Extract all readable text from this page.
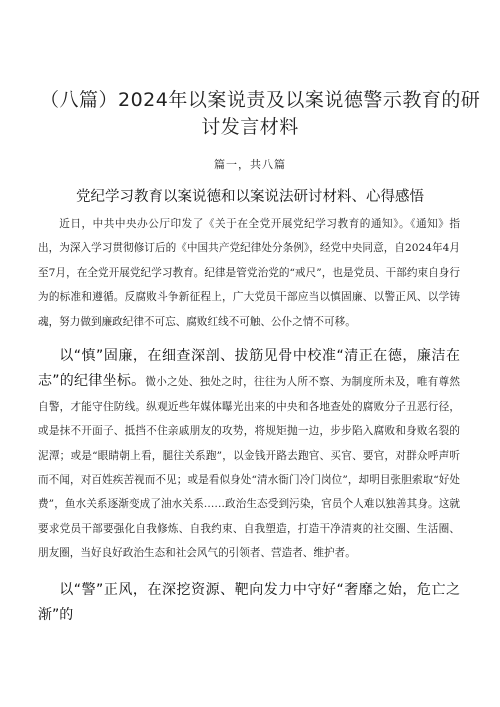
（八篇）2024年以案说责及以案说德警示教育的研
讨发言材料
篇一，共八篇
党纪学习教育以案说德和以案说法研讨材料、心得感悟

近日，中共中央办公厅印发了《关于在全党开展党纪学习教育的通知》。《通知》指出，为深入学习贯彻修订后的《中国共产党纪律处分条例》，经党中央同意，自2024年4月至7月，在全党开展党纪学习教育。纪律是管党治党的“戒尺”，也是党员、干部约束自身行为的标准和遵循。反腐败斗争新征程上，广大党员干部应当以慎固廉、以警正风、以学铸魂，努力做到廉政纪律不可忘、腐败红线不可触、公仆之情不可移。

以“慎”固廉，在细查深剖、拔筋见骨中校准“清正在德，廉洁在志”的纪律坐标。微小之处、独处之时，往往为人所不察、为制度所未及，唯有尊然自警，才能守住防线。纵观近些年媒体曝光出来的中央和各地查处的腐败分子丑恶行径，或是抹不开面子、抵挡不住亲戚朋友的攻势，将规矩抛一边，步步陷入腐败和身败名裂的泥潭；或是“眼睛朝上看，腿往关系跑”，以金钱开路去跑官、买官、要官，对群众呼声听而不闻，对百姓疾苦视而不见；或是看似身处“清水衙门冷门岗位”，却明目张胆索取“好处费”，鱼水关系逐渐变成了油水关系……政治生态受到污染，官员个人难以独善其身。这就要求党员干部要强化自我修炼、自我约束、自我塑造，打造干净清爽的社交圈、生活圈、朋友圈，当好良好政治生态和社会风气的引领者、营造者、维护者。

以“警”正风，在深挖资源、靶向发力中守好“奢靡之始，危亡之渐”的
